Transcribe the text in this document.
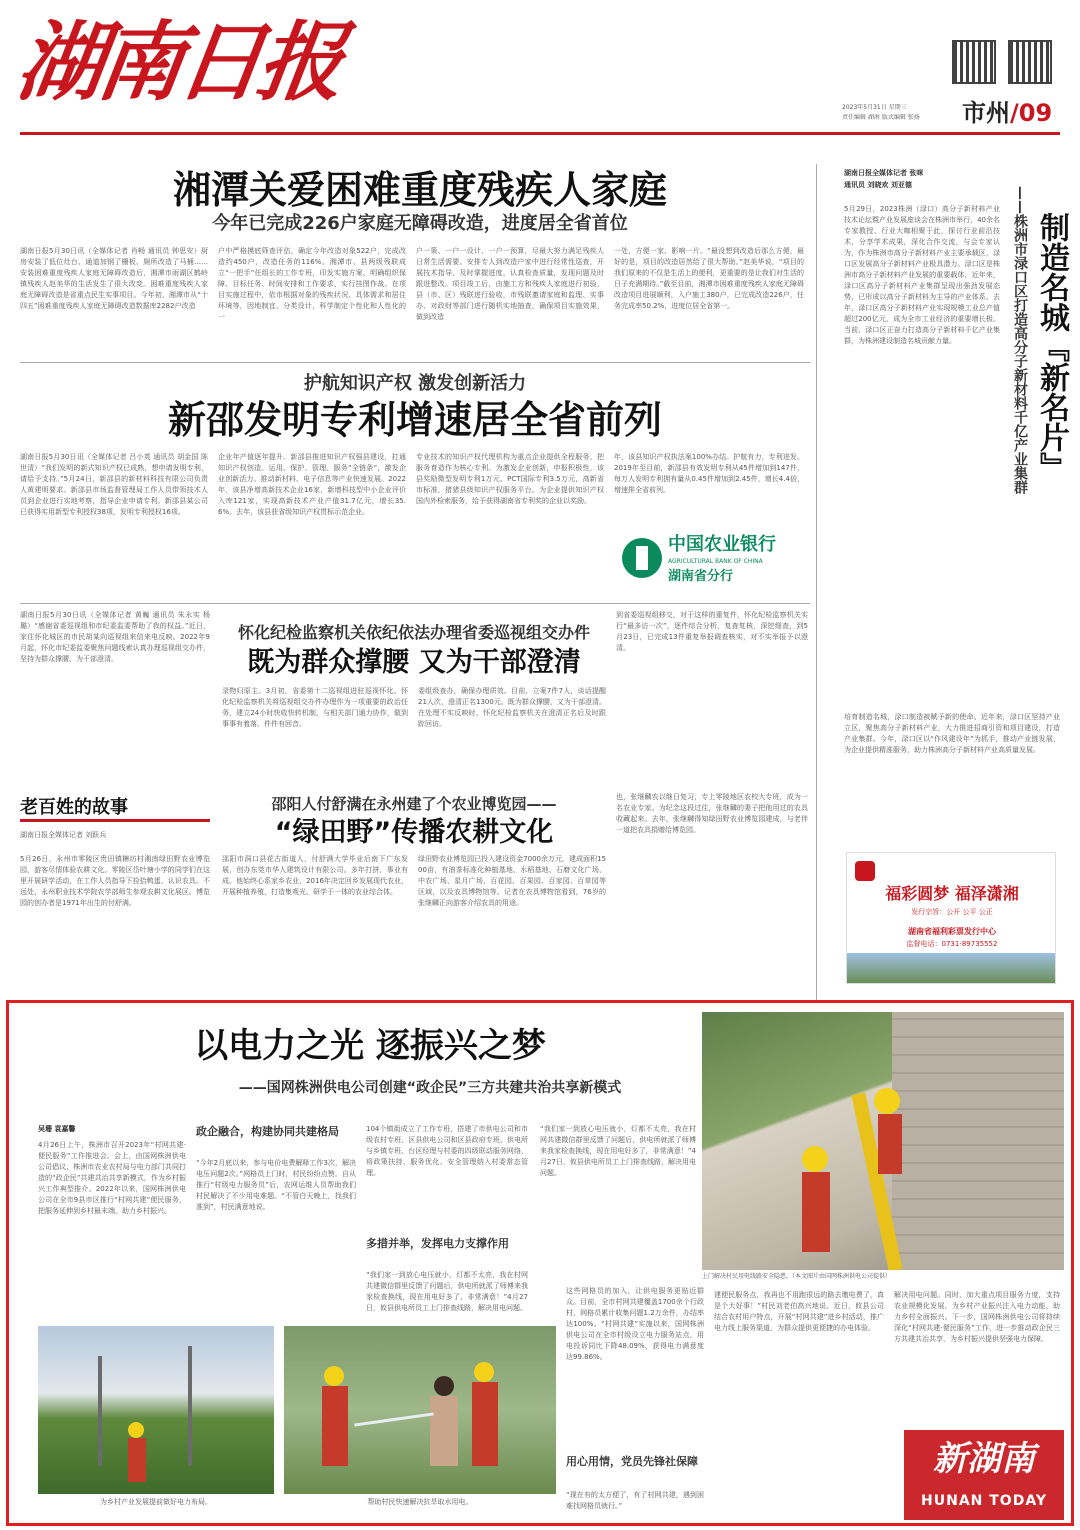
湖南日报	2023年5月31日 星期三
责任编辑 湖南 版式编辑 张扬	市州/09
湘潭关爱困难重度残疾人家庭
今年已完成226户家庭无障碍改造，进度居全省首位
湖南日报5月30日讯（全媒体记者 肖畅 通讯员 钟思安）厨房安装了低位灶台、通道加钢了栅板、厕所改造了马桶……安装困难重度残疾人家庭无障碍改造后，湘潭市雨湖区鹤岭镇残疾人赵美华的生活发生了很大改变。困难重度残疾人家庭无障碍改造是省重点民生实事项目。今年初，湘潭市从“十四五”困难重度残疾人家庭无障碍改造数据库2282户改造
户中严格摸底筛查评估，确定今年改造对象522户，完成改造约450户，改造任务的116%。湘潭市、县两级残联成立“一把手”任组长的工作专班，印发实施方案，明确组织保障、目标任务、时间安排和工作要求，实行挂图作战。在项目实施过程中，依市根据对象的残疾状况、具体需求和居住环境等，因地制宜、分类设计，科学制定个性化和人性化的一
户一策、一户一设计、一户一预算，尽最大努力满足残疾人日常生活需要。安排专人到改造户家中进行经常性巡查，开展技术指导，及时掌握进度，认真检查质量，发现问题及时跟进整改。项目竣工后，由施工方和残疾人家庭进行初验，县（市、区）残联进行验收，市残联邀请家庭和监理、实事办、对政财等部门进行随机实地抽查，确保项目实施效果，做到改造
一处，方便一家、影响一片。“最没想到改造后那么方便，最好的是，项目的改造居然给了很大帮助。”赵美华说，“项目的我们原来的不仅是生活上的便利，更重要的是让我们对生活的日子充满期待。”截至目前，湘潭市困难重度残疾人家庭无障碍改造项目进展顺利，入户施工380户，已完成改造226户，任务完成率50.2%，进度位居全省第一。
护航知识产权 激发创新活力
新邵发明专利增速居全省前列
湖南日报5月30日讯（全媒体记者 吕小英 通讯员 胡金国 陈世清）“我们发明的新式知识产权已成熟，想申请发明专利，请给予支持。”5月24日，新邵县的新材料科技有限公司负责人黄建明要求。新邵县市场监督管理局工作人员带领技术人员到企业进行实地考察，指导企业申请专利。新邵县某公司已获得实用新型专利授权38项，发明专利授权16项。
企业年产值逐年提升。新邵县推进知识产权强县建设，打通知识产权创造、运用、保护、管理、服务“全链条”，激发企业创新活力。推动新材料、电子信息等产业快速发展。2022年，该县净增高新技术企业16家，新增科技型中小企业评价入库121家，实现高新技术产业产值31.7亿元，增长35.6%。去年，该县获省级知识产权贯标示范企业。
专业技术的知识产权代理机构为重点企业提供全程服务，把服务育造作为核心专利。为激发企业创新，申报积极性，该县奖励微型发明专利1万元、PCT国际专利3.5万元，高新省市标准，猪猪县级知识产权服务平台。为企业提供知识产权国内外检索服务，给予获得湖南省专利奖的企业以奖励。
年，该县知识产权执法案100%办结。护航有力，专利迸发。2019年至目前，新邵县有效发明专利从45件增加到147件，每万人发明专利拥有量从0.45件增加到2.45件，增长4.4倍，增速排全省前列。
中国农业银行
AGRICULTURAL BANK OF CHINA
湖南省分行
湖南日报5月30日讯（全媒体记者 黄巍 通讯员 朱永实 杨璐）“感谢省委巡视组和市纪委监委帮助了我的权益。”近日，家住怀化城区的市民胡某向巡视组来信来电反映。2022年9月起，怀化市纪委监委聚焦问题线索认真办理巡视组交办件，坚持为群众撑腰、为干部澄清。
怀化纪检监察机关依纪依法办理省委巡视组交办件
既为群众撑腰 又为干部澄清
录物归原主。3月初，省委第十二巡视组进驻巡视怀化。怀化纪检监察机关将巡视组交办件办理作为一项重要的政治任务，建立24小时快收快转机制，与相关部门通力协作，做到事事有着落、件件有回音。
委组级查办，确保办理质效。目前，立案7件7人，谈话提醒21人次，澄清正名1300元。既为群众撑腰，又为干部澄清。在处理不实反映时，怀化纪检监察机关在澄清正名后及时跟踪回访。
到省委巡视组移交，对于这样的重复件，怀化纪检监察机关实行“最多访一次”，逐件综合分析，复查复核，深挖细查，到5月23日，已完成13件重复举报调查核实，对不实举报予以澄清。
老百姓的故事
湖南日报全媒体记者 刘跃兵
邵阳人付舒满在永州建了个农业博览园——
“绿田野”传播农耕文化
5月26日，永州市零陵区贵田镇糖坊村湘南绿田野农业博览园，游客尽情体验农耕文化。零陵区岱叶塘小学的同学们在这里开展研学活动，在工作人员指导下捡拾鸭蛋、认识农具。不远处，永州职业技术学院农学部师生参观农耕文化展区。博览园的创办者是1971年出生的付舒满。
邵阳市洞口县花古街道人，付舒满大学毕业后南下广东发展，创办东莞市华人建筑设计有限公司。多年打拼，事业有成。他始终心系家乡农业，2016年决定回乡发展现代农业，开展种植养殖，打造集观光、研学于一体的农业综合体。
绿田野农业博览园已投入建设资金7000余万元，建成面积1500亩，有油茶标准化种植基地、水稻基地、石磨文化广场、中农广场、星月广场、百花园、百果园、百家园、百草园等区域，以及农具博物馆等。记者在农具博物馆看到，76岁的张继麟正向游客介绍农具的用途。
也，张继麟农以继日复习，专上零陵地区农校大专班，成为一名农业专家。为纪念这段过往，张继麟的妻子把他用过的农具收藏起来。去年，张继麟得知绿田野农业博览园建成，与老伴一道把农具捐赠给博览园。
湖南日报全媒体记者 张咪
通讯员 刘晓欢 刘亚德
制造名城『新名片』
——株洲市渌口区打造高分子新材料千亿产业集群
5月29日，2023株洲（渌口）高分子新材料产业技术论坛暨产业发展座谈会在株洲市举行，40余名专家教授、行业大咖相聚于此，探讨行业前沿技术，分享学术成果，深化合作交流，与会专家认为，作为株洲市高分子新材料产业主要承载区，渌口区发展高分子新材料产业极具潜力。渌口区是株洲市高分子新材料产业发展的重要载体，近年来，渌口区高分子新材料产业集群呈现出强劲发展态势，已形成以高分子新材料为主导的产业体系。去年，渌口区高分子新材料产业实现规模工业总产值超过200亿元，成为全市工业经济的重要增长极。当前，渌口区正奋力打造高分子新材料千亿产业集群，为株洲建设制造名城贡献力量。
培育制造名城，渌口制造被赋予新的使命。近年来，渌口区坚持产业立区，聚焦高分子新材料产业，大力推进招商引资和项目建设，打造产业集群。今年，渌口区以“作风建设年”为抓手，推动产业链发展，为企业提供精准服务，助力株洲高分子新材料产业高质量发展。
福彩圆梦 福泽潇湘
发行宗旨：公开 公平 公正
湖南省福利彩票发行中心
监督电话：0731-89735552
以电力之光 逐振兴之梦
——国网株洲供电公司创建“政企民”三方共建共治共享新模式
上门解决村民用电线路安全隐患。（本文图片由国网株洲供电公司提供）
吴珊 袁嘉馨
4月26日上午，株洲市召开2023年“村网共建·便民服务”工作推进会。会上，由国网株洲供电公司倡议、株洲市农业农村局与电力部门共同打造的“政企民”共建共治共享新模式，作为乡村振兴工作典型推介。2022年以来，国网株洲供电公司在全市9县市区推行“村网共建”便民服务，把服务延伸到乡村最末端，助力乡村振兴。
政企融合，构建协同共建格局
“今年2月底以来，参与电价电费解释工作3次，解决电压问题2次。”网格员上门时，村民纷纷点赞。自从推行“村级电力服务员”后，农网运维人员帮助我们村民解决了不少用电难题。“不管白天晚上，找我们准到”，村民满意地说。
104个镇街成立了工作专班，搭建了市供电公司和市级农村专班、区县供电公司和区县政府专班、供电所与乡镇专班、台区经理与村委的四级联动服务网络，将政策扶持、服务优化、安全管理纳入村委常态管理。
多措并举，发挥电力支撑作用
“我们家一到放心电压就小，灯都不太亮，我在村网共建微信群里反馈了问题后，供电所就派了师傅来我家检查换线，现在用电好多了，非常满意！”4月27日，攸县供电所员工上门排查线路，解决用电问题。
“我们家一到放心电压就小，灯都不太亮，我在村网共建微信群里反馈了问题后，供电所就派了师傅来我家检查换线，现在用电好多了，非常满意！”4月27日，攸县供电所员工上门排查线路，解决用电问题。
为乡村产业发展提前做好电力布局。	帮助村民快速解决抗旱取水用电。
这些网格员的加入，让供电服务更贴近群众。目前，全市村网共建覆盖1700余个行政村，网格员累计收集问题1.2万余件，办结率达100%。“村网共建”实施以来，国网株洲供电公司在全市村级设立电力服务站点，用电投诉同比下降48.09%，获得电力满意度达99.86%。
用心用情，党员先锋社保障
“现在有的太方便了，有了村网共建，遇到困难找网格员就行。”
建便民服务点，我再也不用跑很远的路去缴电费了，真是个大好事！”村民刘老伯高兴地说。近日，攸县公司结合农村用户特点，开展“村网共建”进乡村活动，推广电力线上服务渠道，为群众提供更便捷的办电体验。
解决用电问题。同时，加大重点项目服务力度，支持农业规模化发展，为乡村产业振兴注入电力动能，助力乡村全面振兴。下一步，国网株洲供电公司将持续深化“村网共建·便民服务”工作，进一步推动政企民三方共建共治共享，为乡村振兴提供坚强电力保障。
新湖南
HUNAN TODAY
